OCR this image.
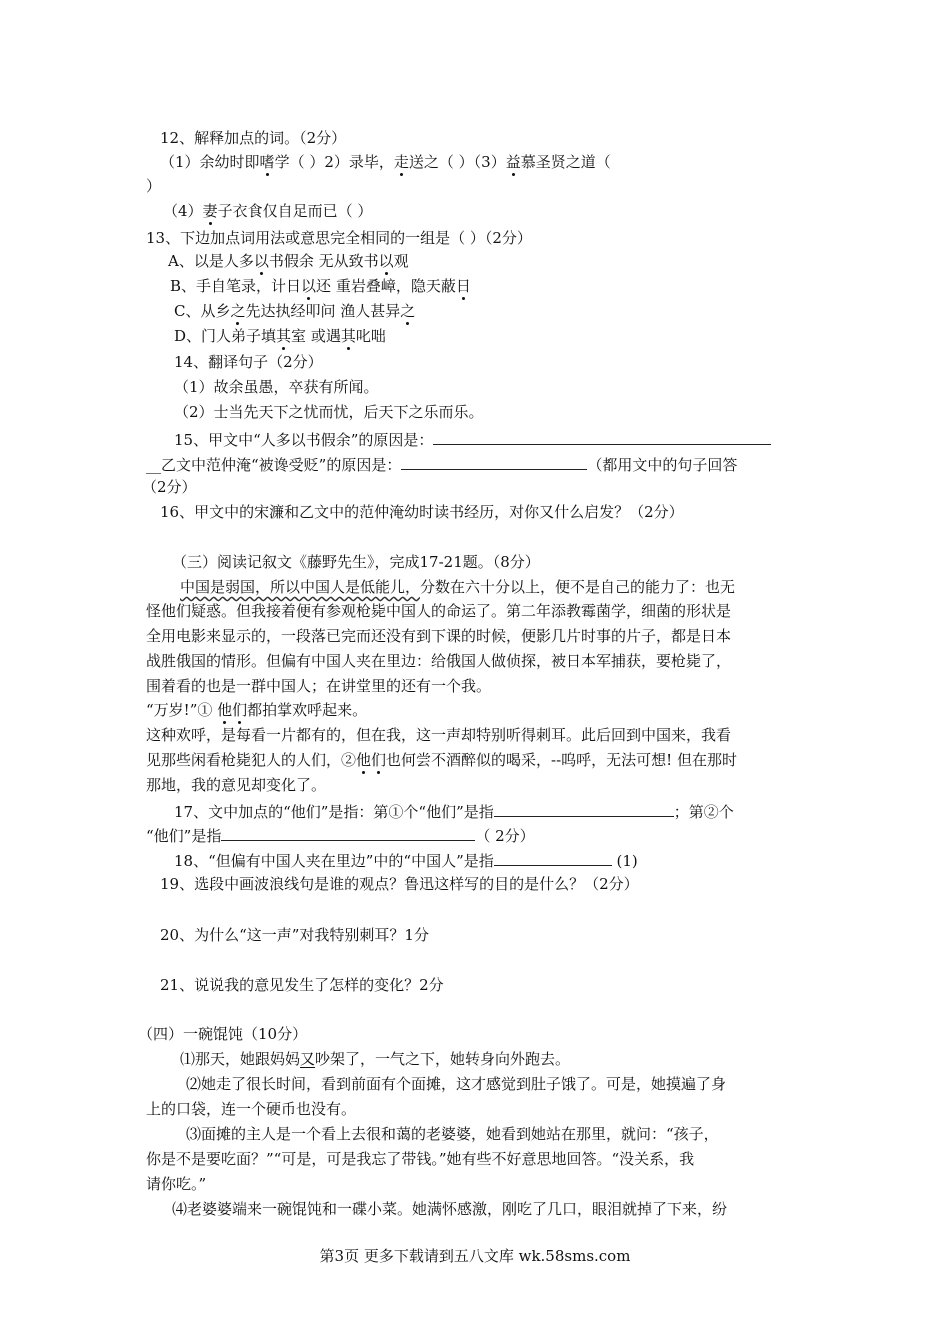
12、解释加点的词。（2分）
（1）余幼时即嗜学（ ）2）录毕，走送之（ ）（3）益慕圣贤之道（
）
（4）妻子衣食仅自足而已（ ）
13、下边加点词用法或意思完全相同的一组是（ ）（2分）
A、以是人多以书假余 无从致书以观
B、手自笔录，计日以还 重岩叠嶂，隐天蔽日
C、从乡之先达执经叩问 渔人甚异之
D、门人弟子填其室 或遇其叱咄
14、翻译句子（2分）
（1）故余虽愚，卒获有所闻。
（2）士当先天下之忧而忧，后天下之乐而乐。
15、甲文中“人多以书假余”的原因是：
__乙文中范仲淹“被谗受贬”的原因是：	（都用文中的句子回答
（2分）
16、甲文中的宋濂和乙文中的范仲淹幼时读书经历，对你又什么启发？（2分）
（三）阅读记叙文《藤野先生》，完成17-21题。（8分）
中国是弱国，所以中国人是低能儿，分数在六十分以上，便不是自己的能力了：也无
怪他们疑惑。但我接着便有参观枪毙中国人的命运了。第二年添教霉菌学，细菌的形状是
全用电影来显示的，一段落已完而还没有到下课的时候，便影几片时事的片子，都是日本
战胜俄国的情形。但偏有中国人夹在里边：给俄国人做侦探，被日本军捕获，要枪毙了，
围着看的也是一群中国人；在讲堂里的还有一个我。
“万岁!”① 他们都拍掌欢呼起来。
这种欢呼，是每看一片都有的，但在我，这一声却特别听得刺耳。此后回到中国来，我看
见那些闲看枪毙犯人的人们，②他们也何尝不酒醉似的喝采，--呜呼，无法可想! 但在那时
那地，我的意见却变化了。
17、文中加点的“他们”是指：第①个“他们”是指	；第②个
“他们”是指	（ 2分）
18、“但偏有中国人夹在里边”中的“中国人”是指	(1)
19、选段中画波浪线句是谁的观点？鲁迅这样写的目的是什么？（2分）
20、为什么“这一声”对我特别刺耳？1分
21、说说我的意见发生了怎样的变化？2分
（四）一碗馄饨（10分）
⑴那天，她跟妈妈又吵架了，一气之下，她转身向外跑去。
⑵她走了很长时间，看到前面有个面摊，这才感觉到肚子饿了。可是，她摸遍了身
上的口袋，连一个硬币也没有。
⑶面摊的主人是一个看上去很和蔼的老婆婆，她看到她站在那里，就问：“孩子，
你是不是要吃面？”“可是，可是我忘了带钱。”她有些不好意思地回答。“没关系，我
请你吃。”
⑷老婆婆端来一碗馄饨和一碟小菜。她满怀感激，刚吃了几口，眼泪就掉了下来，纷
第3页 更多下载请到五八文库 wk.58sms.com
